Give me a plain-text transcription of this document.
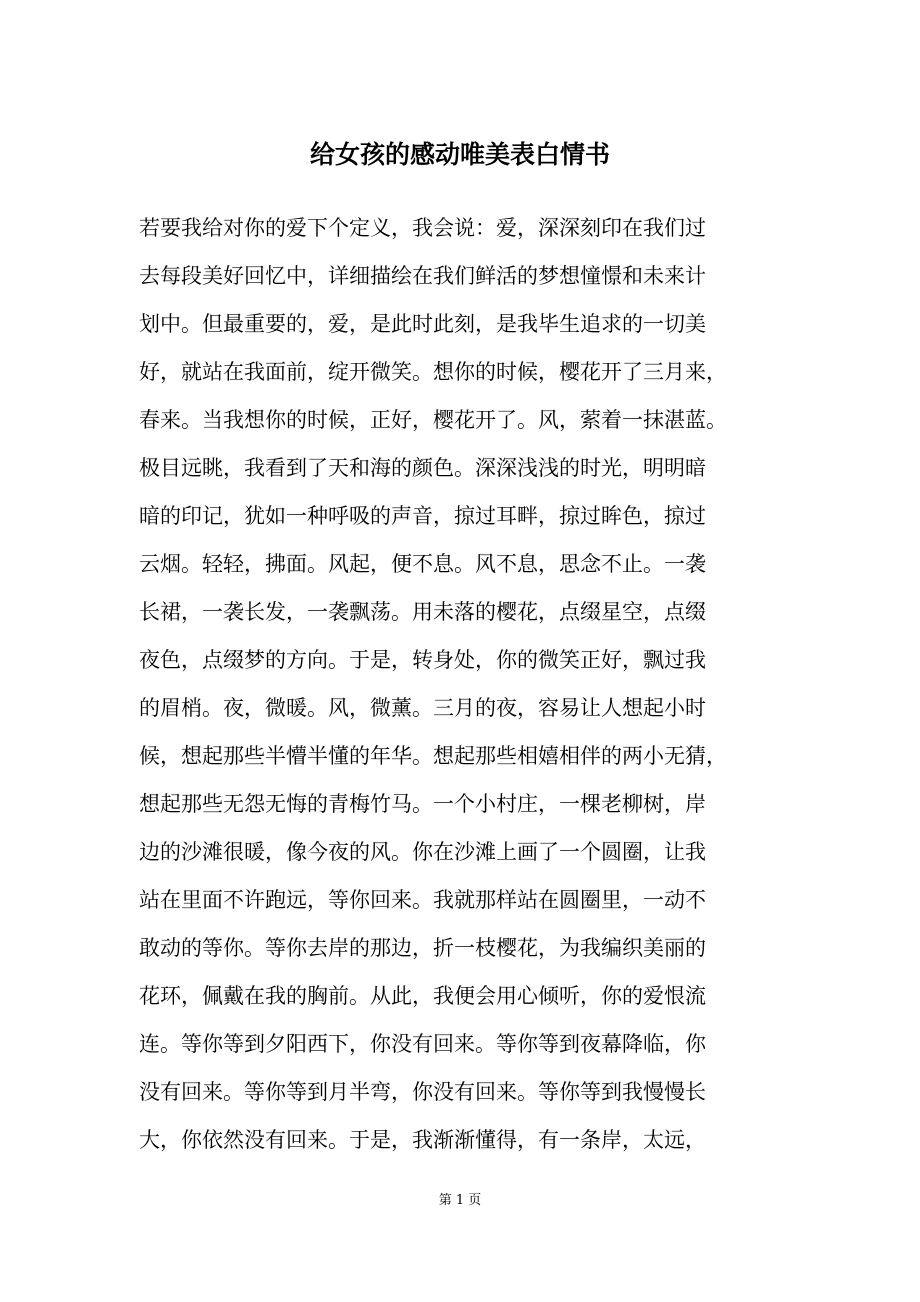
给女孩的感动唯美表白情书
若要我给对你的爱下个定义，我会说：爱，深深刻印在我们过
去每段美好回忆中，详细描绘在我们鲜活的梦想憧憬和未来计
划中。但最重要的，爱，是此时此刻，是我毕生追求的一切美
好，就站在我面前，绽开微笑。想你的时候，樱花开了三月来，
春来。当我想你的时候，正好，樱花开了。风，萦着一抹湛蓝。
极目远眺，我看到了天和海的颜色。深深浅浅的时光，明明暗
暗的印记，犹如一种呼吸的声音，掠过耳畔，掠过眸色，掠过
云烟。轻轻，拂面。风起，便不息。风不息，思念不止。一袭
长裙，一袭长发，一袭飘荡。用未落的樱花，点缀星空，点缀
夜色，点缀梦的方向。于是，转身处，你的微笑正好，飘过我
的眉梢。夜，微暖。风，微薰。三月的夜，容易让人想起小时
候，想起那些半懵半懂的年华。想起那些相嬉相伴的两小无猜，
想起那些无怨无悔的青梅竹马。一个小村庄，一棵老柳树，岸
边的沙滩很暖，像今夜的风。你在沙滩上画了一个圆圈，让我
站在里面不许跑远，等你回来。我就那样站在圆圈里，一动不
敢动的等你。等你去岸的那边，折一枝樱花，为我编织美丽的
花环，佩戴在我的胸前。从此，我便会用心倾听，你的爱恨流
连。等你等到夕阳西下，你没有回来。等你等到夜幕降临，你
没有回来。等你等到月半弯，你没有回来。等你等到我慢慢长
大，你依然没有回来。于是，我渐渐懂得，有一条岸，太远，
第 1 页
